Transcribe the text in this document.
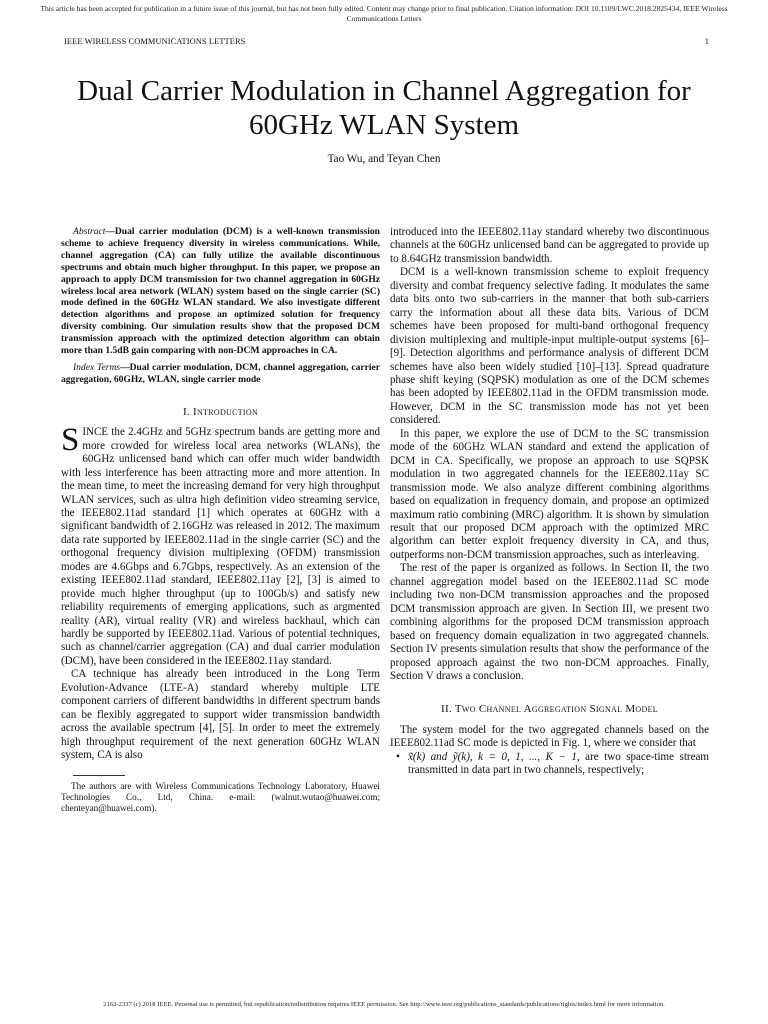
This article has been accepted for publication in a future issue of this journal, but has not been fully edited. Content may change prior to final publication. Citation information: DOI 10.1109/LWC.2018.2825434, IEEE Wireless Communications Letters
IEEE WIRELESS COMMUNICATIONS LETTERS	1
Dual Carrier Modulation in Channel Aggregation for 60GHz WLAN System
Tao Wu, and Teyan Chen

Abstract—Dual carrier modulation (DCM) is a well-known transmission scheme to achieve frequency diversity in wireless communications. While, channel aggregation (CA) can fully utilize the available discontinuous spectrums and obtain much higher throughput. In this paper, we propose an approach to apply DCM transmission for two channel aggregation in 60GHz wireless local area network (WLAN) system based on the single carrier (SC) mode defined in the 60GHz WLAN standard. We also investigate different detection algorithms and propose an optimized solution for frequency diversity combining. Our simulation results show that the proposed DCM transmission approach with the optimized detection algorithm can obtain more than 1.5dB gain comparing with non-DCM approaches in CA.

Index Terms—Dual carrier modulation, DCM, channel aggregation, carrier aggregation, 60GHz, WLAN, single carrier mode

I. Introduction

SINCE the 2.4GHz and 5GHz spectrum bands are getting more and more crowded for wireless local area networks (WLANs), the 60GHz unlicensed band which can offer much wider bandwidth with less interference has been attracting more and more attention. In the mean time, to meet the increasing demand for very high throughput WLAN services, such as ultra high definition video streaming service, the IEEE802.11ad standard [1] which operates at 60GHz with a significant bandwidth of 2.16GHz was released in 2012. The maximum data rate supported by IEEE802.11ad in the single carrier (SC) and the orthogonal frequency division multiplexing (OFDM) transmission modes are 4.6Gbps and 6.7Gbps, respectively. As an extension of the existing IEEE802.11ad standard, IEEE802.11ay [2], [3] is aimed to provide much higher throughput (up to 100Gb/s) and satisfy new reliability requirements of emerging applications, such as argmented reality (AR), virtual reality (VR) and wireless backhaul, which can hardly be supported by IEEE802.11ad. Various of potential techniques, such as channel/carrier aggregation (CA) and dual carrier modulation (DCM), have been considered in the IEEE802.11ay standard.

CA technique has already been introduced in the Long Term Evolution-Advance (LTE-A) standard whereby multiple LTE component carriers of different bandwidths in different spectrum bands can be flexibly aggregated to support wider transmission bandwidth across the available spectrum [4], [5]. In order to meet the extremely high throughput requirement of the next generation 60GHz WLAN system, CA is also

The authors are with Wireless Communications Technology Laboratory, Huawei Technologies Co., Ltd, China. e-mail: (walnut.wutao@huawei.com; chenteyan@huawei.com).

introduced into the IEEE802.11ay standard whereby two discontinuous channels at the 60GHz unlicensed band can be aggregated to provide up to 8.64GHz transmission bandwidth.

DCM is a well-known transmission scheme to exploit frequency diversity and combat frequency selective fading. It modulates the same data bits onto two sub-carriers in the manner that both sub-carriers carry the information about all these data bits. Various of DCM schemes have been proposed for multi-band orthogonal frequency division multiplexing and multiple-input multiple-output systems [6]–[9]. Detection algorithms and performance analysis of different DCM schemes have also been widely studied [10]–[13]. Spread quadrature phase shift keying (SQPSK) modulation as one of the DCM schemes has been adopted by IEEE802.11ad in the OFDM transmission mode. However, DCM in the SC transmission mode has not yet been considered.

In this paper, we explore the use of DCM to the SC transmission mode of the 60GHz WLAN standard and extend the application of DCM in CA. Specifically, we propose an approach to use SQPSK modulation in two aggregated channels for the IEEE802.11ay SC transmission mode. We also analyze different combining algorithms based on equalization in frequency domain, and propose an optimized maximum ratio combining (MRC) algorithm. It is shown by simulation result that our proposed DCM approach with the optimized MRC algorithm can better exploit frequency diversity in CA, and thus, outperforms non-DCM transmission approaches, such as interleaving.

The rest of the paper is organized as follows. In Section II, the two channel aggregation model based on the IEEE802.11ad SC mode including two non-DCM transmission approaches and the proposed DCM transmission approach are given. In Section III, we present two combining algorithms for the proposed DCM transmission approach based on frequency domain equalization in two aggregated channels. Section IV presents simulation results that show the performance of the proposed approach against the two non-DCM approaches. Finally, Section V draws a conclusion.

II. Two Channel Aggregation Signal Model

The system model for the two aggregated channels based on the IEEE802.11ad SC mode is depicted in Fig. 1, where we consider that

• x̃(k) and ỹ(k), k = 0, 1, ..., K − 1, are two space-time stream transmitted in data part in two channels, respectively;

2162-2337 (c) 2018 IEEE. Personal use is permitted, but republication/redistribution requires IEEE permission. See http://www.ieee.org/publications_standards/publications/rights/index.html for more information.
